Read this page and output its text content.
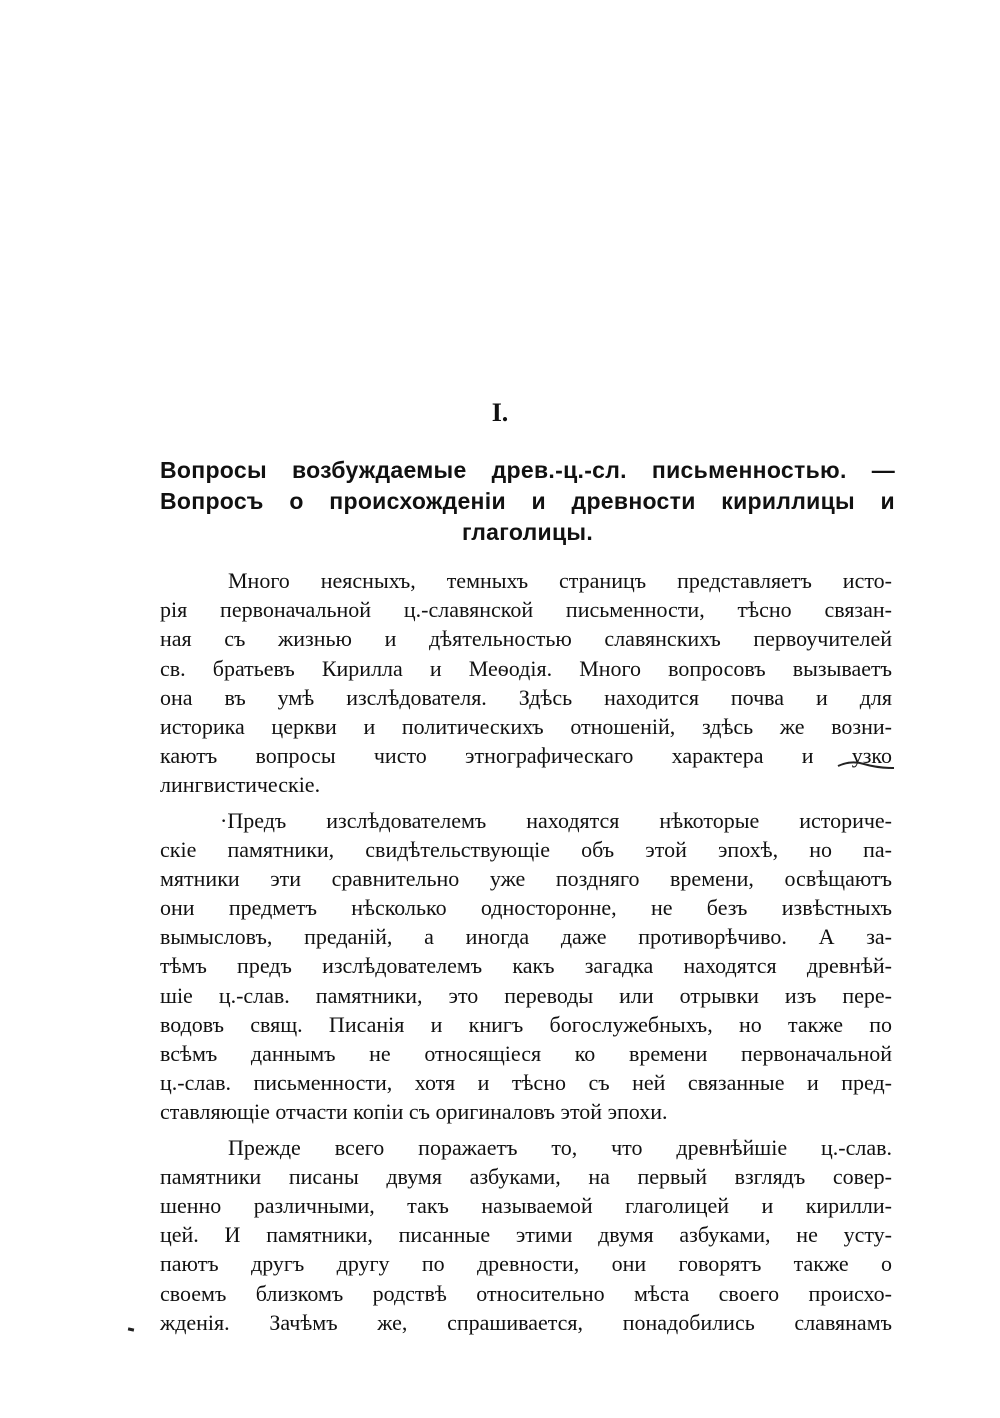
I.
Вопросы возбуждаемые древ.-ц.-сл. письменностью. —
Вопросъ о происхожденіи и древности кириллицы и
глаголицы.
Много неясныхъ, темныхъ страницъ представляетъ исто-
рія первоначальной ц.-славянской письменности, тѣсно связан-
ная съ жизнью и дѣятельностью славянскихъ первоучителей
св. братьевъ Кирилла и Меѳодія. Много вопросовъ вызываетъ
она въ умѣ изслѣдователя. Здѣсь находится почва и для
историка церкви и политическихъ отношеній, здѣсь же возни-
каютъ вопросы чисто этнографическаго характера и узко
лингвистическіе.
·Предъ изслѣдователемъ находятся нѣкоторые историче-
скіе памятники, свидѣтельствующіе объ этой эпохѣ, но па-
мятники эти сравнительно уже поздняго времени, освѣщаютъ
они предметъ нѣсколько односторонне, не безъ извѣстныхъ
вымысловъ, преданій, а иногда даже противорѣчиво. А за-
тѣмъ предъ изслѣдователемъ какъ загадка находятся древнѣй-
шіе ц.-слав. памятники, это переводы или отрывки изъ пере-
водовъ свящ. Писанія и книгъ богослужебныхъ, но также по
всѣмъ даннымъ не относящіеся ко времени первоначальной
ц.-слав. письменности, хотя и тѣсно съ ней связанные и пред-
ставляющіе отчасти копіи съ оригиналовъ этой эпохи.
Прежде всего поражаетъ то, что древнѣйшіе ц.-слав.
памятники писаны двумя азбуками, на первый взглядъ совер-
шенно различными, такъ называемой глаголицей и кирилли-
цей. И памятники, писанные этими двумя азбуками, не усту-
паютъ другъ другу по древности, они говорятъ также о
своемъ близкомъ родствѣ относительно мѣста своего происхо-
жденія. Зачѣмъ же, спрашивается, понадобились славянамъ
